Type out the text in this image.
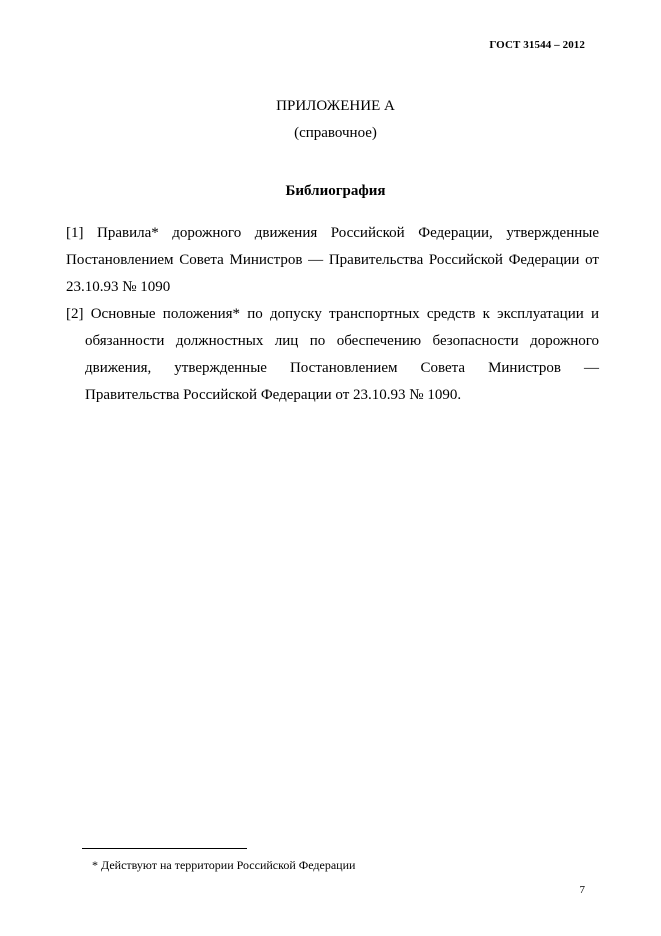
ГОСТ 31544 – 2012
ПРИЛОЖЕНИЕ А
(справочное)
Библиография

[1] Правила* дорожного движения Российской Федерации, утвержденные Постановлением Совета Министров — Правительства Российской Федерации от 23.10.93 № 1090

[2] Основные положения* по допуску транспортных средств к эксплуатации и обязанности должностных лиц по обеспечению безопасности дорожного движения, утвержденные Постановлением Совета Министров — Правительства Российской Федерации от 23.10.93 № 1090.

* Действуют на территории Российской Федерации
7
